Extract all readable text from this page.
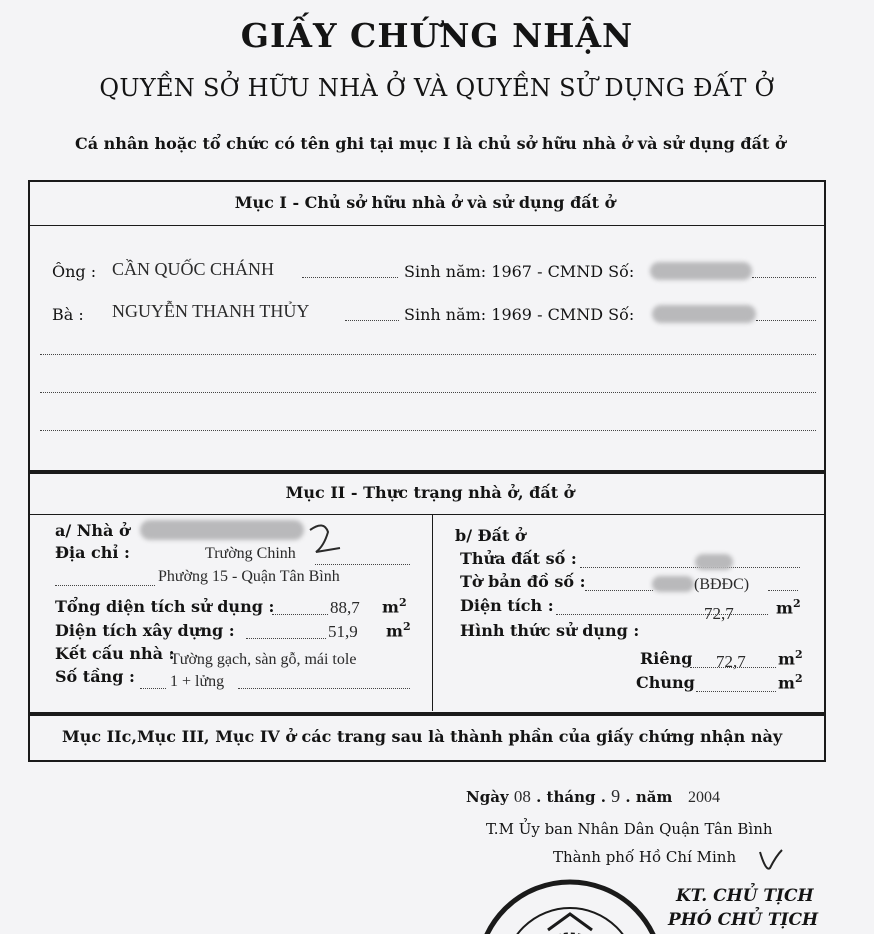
GIẤY CHỨNG NHẬN
QUYỀN SỞ HỮU NHÀ Ở VÀ QUYỀN SỬ DỤNG ĐẤT Ở
Cá nhân hoặc tổ chức có tên ghi tại mục I là chủ sở hữu nhà ở và sử dụng đất ở
Mục I - Chủ sở hữu nhà ở và sử dụng đất ở
Ông : CẦN QUỐC CHÁNH	Sinh năm: 1967 - CMND Số:
Bà : NGUYỄN THANH THỦY	Sinh năm: 1969 - CMND Số:
Mục II - Thực trạng nhà ở, đất ở
a/ Nhà ở
Địa chỉ :	Trường Chinh
Phường 15 - Quận Tân Bình
Tổng diện tích sử dụng :	88,7 $m^2$
Diện tích xây dựng :	51,9 $m^2$
Kết cấu nhà :
Tường gạch, sàn gỗ, mái tole
Số tầng : 1 + lửng
b/ Đất ở
Thửa đất số :
Tờ bản đồ số :	(BĐĐC)
Diện tích :	72,7	$m^2$
Hình thức sử dụng :
Riêng 72,7 $m^2$
Chung	$m^2$
Mục IIc,Mục III, Mục IV ở các trang sau là thành phần của giấy chứng nhận này
Ngày 08 . tháng . 9 . năm 2004
T.M Ủy ban Nhân Dân Quận Tân Bình
Thành phố Hồ Chí Minh
KT. CHỦ TỊCH
PHÓ CHỦ TỊCH
